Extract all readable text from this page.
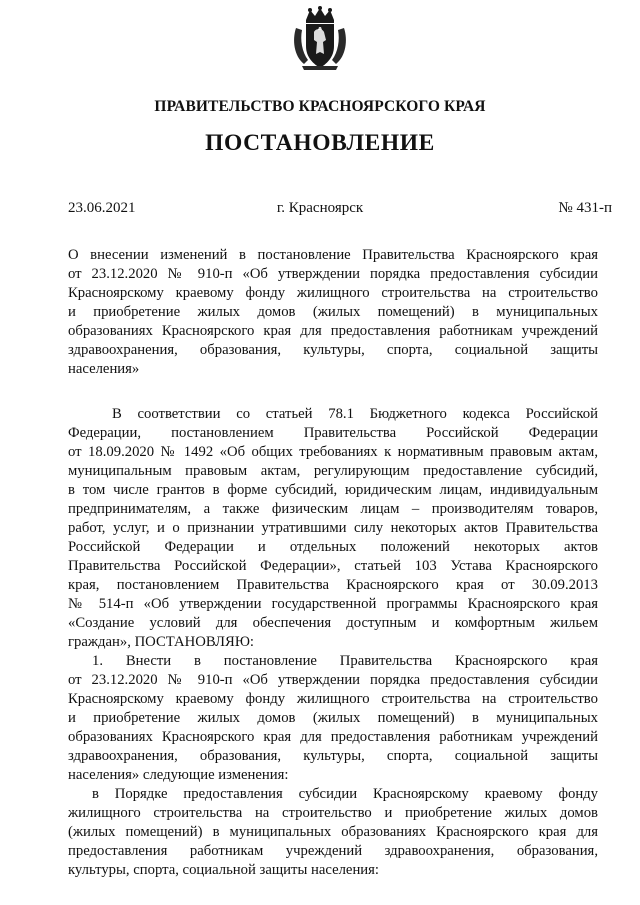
ПРАВИТЕЛЬСТВО КРАСНОЯРСКОГО КРАЯ
ПОСТАНОВЛЕНИЕ
23.06.2021	г. Красноярск	№ 431-п
О внесении изменений в постановление Правительства Красноярского края
от 23.12.2020 № 910-п «Об утверждении порядка предоставления субсидии
Красноярскому краевому фонду жилищного строительства на строительство
и приобретение жилых домов (жилых помещений) в муниципальных
образованиях Красноярского края для предоставления работникам учреждений
здравоохранения, образования, культуры, спорта, социальной защиты
населения»
В соответствии со статьей 78.1 Бюджетного кодекса Российской
Федерации, постановлением Правительства Российской Федерации
от 18.09.2020 № 1492 «Об общих требованиях к нормативным правовым актам,
муниципальным правовым актам, регулирующим предоставление субсидий,
в том числе грантов в форме субсидий, юридическим лицам, индивидуальным
предпринимателям, а также физическим лицам – производителям товаров,
работ, услуг, и о признании утратившими силу некоторых актов Правительства
Российской Федерации и отдельных положений некоторых актов
Правительства Российской Федерации», статьей 103 Устава Красноярского
края, постановлением Правительства Красноярского края от 30.09.2013
№ 514-п «Об утверждении государственной программы Красноярского края
«Создание условий для обеспечения доступным и комфортным жильем
граждан», ПОСТАНОВЛЯЮ:
1. Внести в постановление Правительства Красноярского края
от 23.12.2020 № 910-п «Об утверждении порядка предоставления субсидии
Красноярскому краевому фонду жилищного строительства на строительство
и приобретение жилых домов (жилых помещений) в муниципальных
образованиях Красноярского края для предоставления работникам учреждений
здравоохранения, образования, культуры, спорта, социальной защиты
населения» следующие изменения:
в Порядке предоставления субсидии Красноярскому краевому фонду
жилищного строительства на строительство и приобретение жилых домов
(жилых помещений) в муниципальных образованиях Красноярского края для
предоставления работникам учреждений здравоохранения, образования,
культуры, спорта, социальной защиты населения:
